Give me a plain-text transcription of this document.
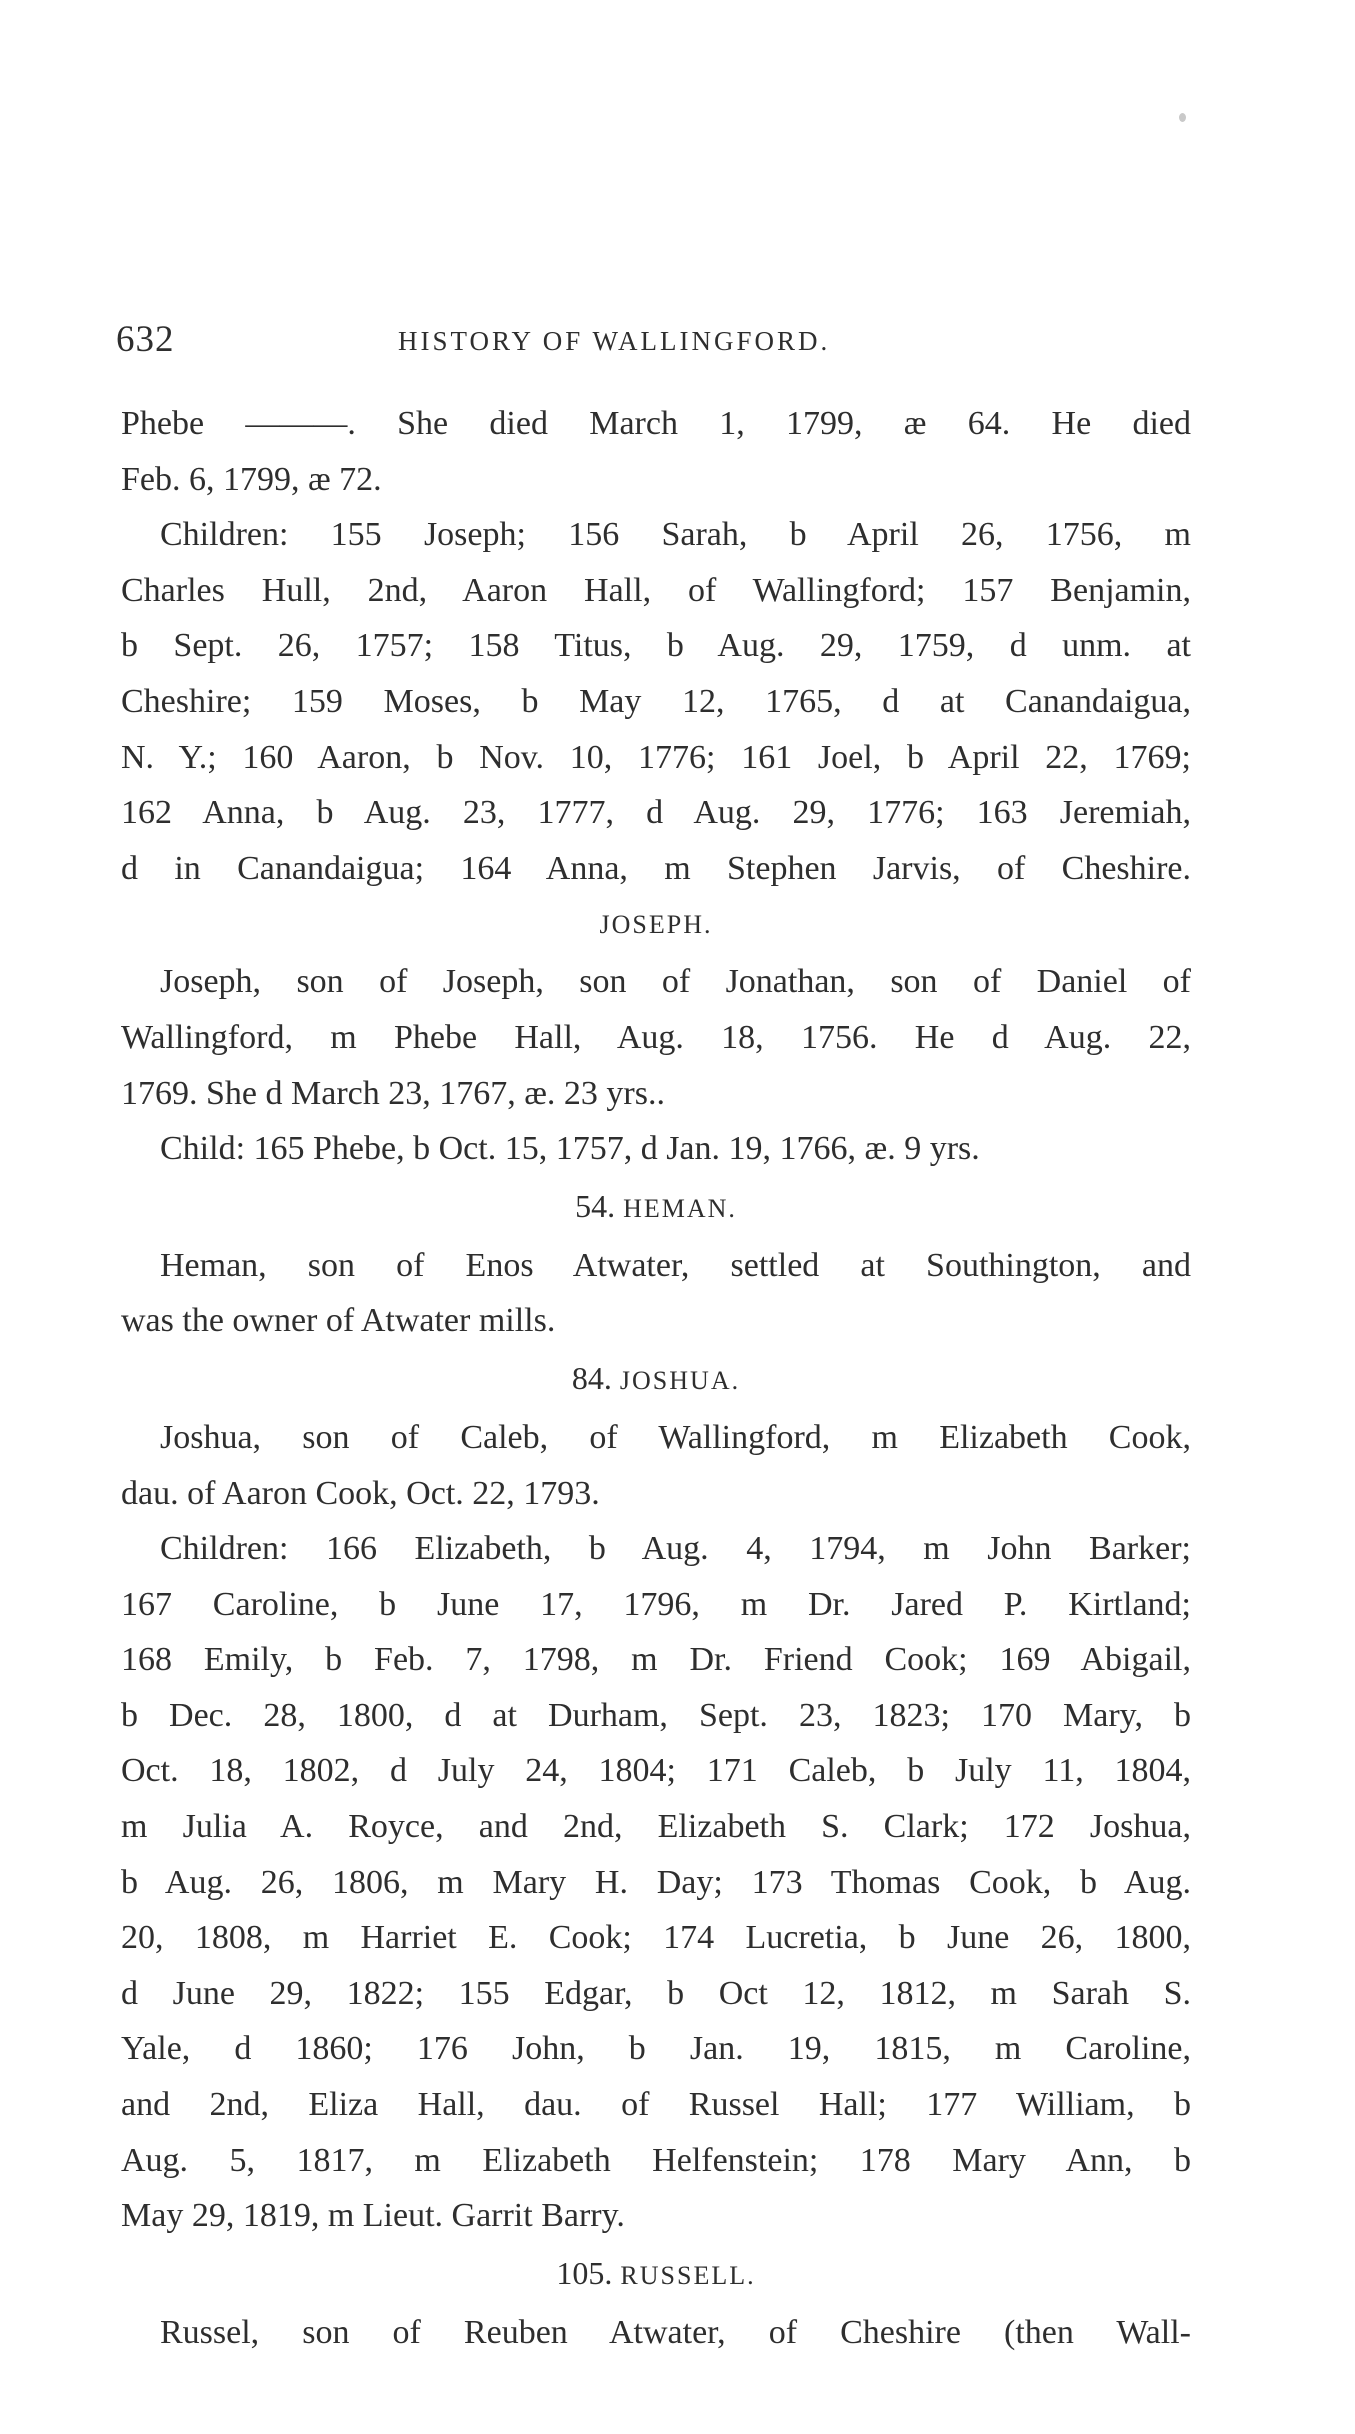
632	HISTORY OF WALLINGFORD.

Phebe ———. She died March 1, 1799, æ 64. He died

Feb. 6, 1799, æ 72.

Children: 155 Joseph; 156 Sarah, b April 26, 1756, m

Charles Hull, 2nd, Aaron Hall, of Wallingford; 157 Benjamin,

b Sept. 26, 1757; 158 Titus, b Aug. 29, 1759, d unm. at

Cheshire; 159 Moses, b May 12, 1765, d at Canandaigua,

N. Y.; 160 Aaron, b Nov. 10, 1776; 161 Joel, b April 22, 1769;

162 Anna, b Aug. 23, 1777, d Aug. 29, 1776; 163 Jeremiah,

d in Canandaigua; 164 Anna, m Stephen Jarvis, of Cheshire.

JOSEPH.

Joseph, son of Joseph, son of Jonathan, son of Daniel of

Wallingford, m Phebe Hall, Aug. 18, 1756. He d Aug. 22,

1769. She d March 23, 1767, æ. 23 yrs..

Child: 165 Phebe, b Oct. 15, 1757, d Jan. 19, 1766, æ. 9 yrs.

54. HEMAN.

Heman, son of Enos Atwater, settled at Southington, and

was the owner of Atwater mills.

84. JOSHUA.

Joshua, son of Caleb, of Wallingford, m Elizabeth Cook,

dau. of Aaron Cook, Oct. 22, 1793.

Children: 166 Elizabeth, b Aug. 4, 1794, m John Barker;

167 Caroline, b June 17, 1796, m Dr. Jared P. Kirtland;

168 Emily, b Feb. 7, 1798, m Dr. Friend Cook; 169 Abigail,

b Dec. 28, 1800, d at Durham, Sept. 23, 1823; 170 Mary, b

Oct. 18, 1802, d July 24, 1804; 171 Caleb, b July 11, 1804,

m Julia A. Royce, and 2nd, Elizabeth S. Clark; 172 Joshua,

b Aug. 26, 1806, m Mary H. Day; 173 Thomas Cook, b Aug.

20, 1808, m Harriet E. Cook; 174 Lucretia, b June 26, 1800,

d June 29, 1822; 155 Edgar, b Oct 12, 1812, m Sarah S.

Yale, d 1860; 176 John, b Jan. 19, 1815, m Caroline,

and 2nd, Eliza Hall, dau. of Russel Hall; 177 William, b

Aug. 5, 1817, m Elizabeth Helfenstein; 178 Mary Ann, b

May 29, 1819, m Lieut. Garrit Barry.

105. RUSSELL.

Russel, son of Reuben Atwater, of Cheshire (then Wall-
